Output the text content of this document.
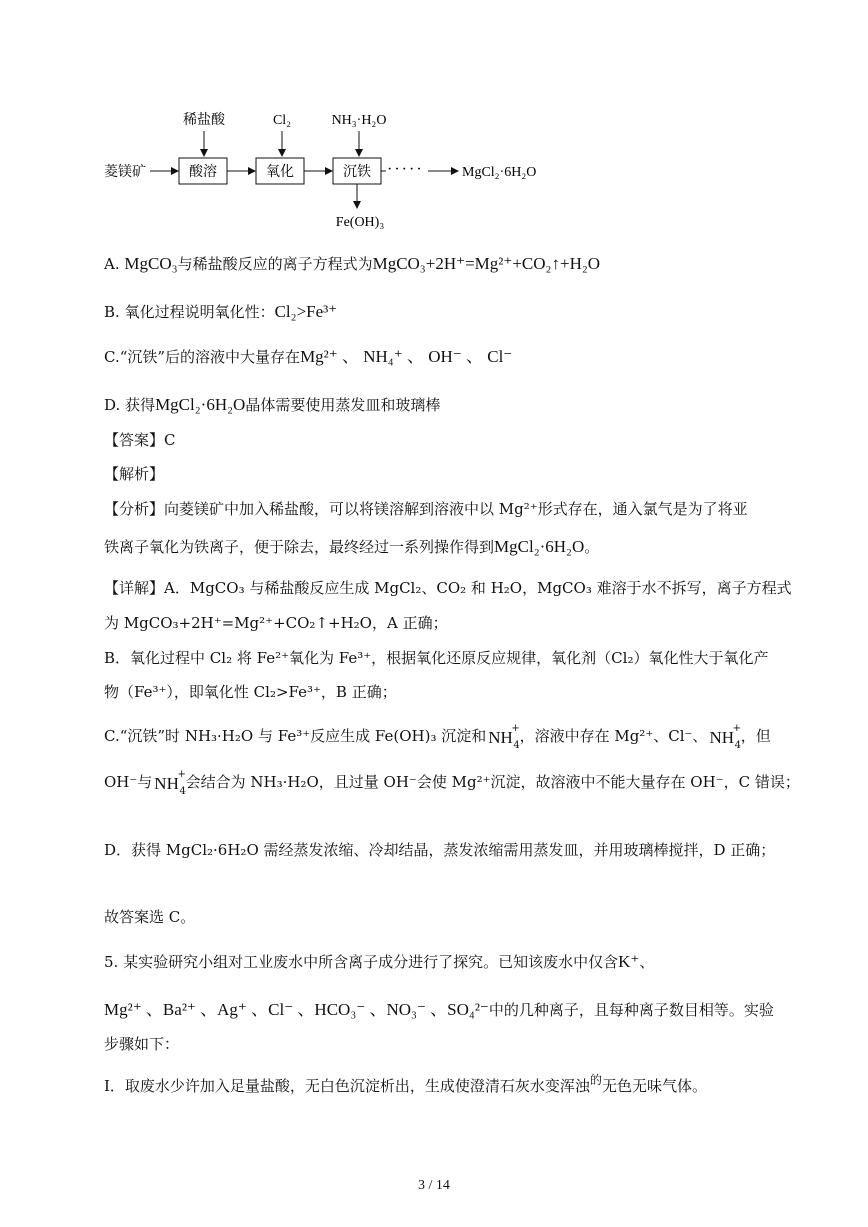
菱镁矿	酸溶	氧化	沉铁
稀盐酸	Cl₂	NH₃·H₂O
Fe(OH)₃
·····	MgCl₂·6H₂O
A. MgCO₃与稀盐酸反应的离子方程式为MgCO₃+2H⁺=Mg²⁺+CO₂↑+H₂O
B. 氧化过程说明氧化性：Cl₂>Fe³⁺
C.“沉铁”后的溶液中大量存在Mg²⁺ 、 NH₄⁺ 、 OH⁻ 、 Cl⁻
D. 获得MgCl₂·6H₂O晶体需要使用蒸发皿和玻璃棒
【答案】C
【解析】
【分析】向菱镁矿中加入稀盐酸，可以将镁溶解到溶液中以 Mg²⁺形式存在，通入氯气是为了将亚
铁离子氧化为铁离子，便于除去，最终经过一系列操作得到MgCl₂·6H₂O。
【详解】A．MgCO₃ 与稀盐酸反应生成 MgCl₂、CO₂ 和 H₂O，MgCO₃ 难溶于水不拆写，离子方程式
为 MgCO₃+2H⁺=Mg²⁺+CO₂↑+H₂O，A 正确；
B．氧化过程中 Cl₂ 将 Fe²⁺氧化为 Fe³⁺，根据氧化还原反应规律，氧化剂（Cl₂）氧化性大于氧化产
物（Fe³⁺），即氧化性 Cl₂>Fe³⁺，B 正确；
C.“沉铁”时 NH₃·H₂O 与 Fe³⁺反应生成 Fe(OH)₃ 沉淀和 NH
+
4 ，溶液中存在 Mg²⁺、Cl⁻、 NH
+
4 ，但
OH⁻与 NH
+
4 会结合为 NH₃·H₂O，且过量 OH⁻会使 Mg²⁺沉淀，故溶液中不能大量存在 OH⁻，C 错误；
D．获得 MgCl₂·6H₂O 需经蒸发浓缩、冷却结晶，蒸发浓缩需用蒸发皿，并用玻璃棒搅拌，D 正确；
故答案选 C。
5. 某实验研究小组对工业废水中所含离子成分进行了探究。已知该废水中仅含K⁺、
Mg²⁺ 、Ba²⁺ 、Ag⁺ 、Cl⁻ 、HCO₃⁻ 、NO₃⁻ 、SO₄²⁻中的几种离子，且每种离子数目相等。实验
步骤如下：
I．取废水少许加入足量盐酸，无白色沉淀析出，生成使澄清石灰水变浑浊$^的$无色无味气体。
3 / 14
